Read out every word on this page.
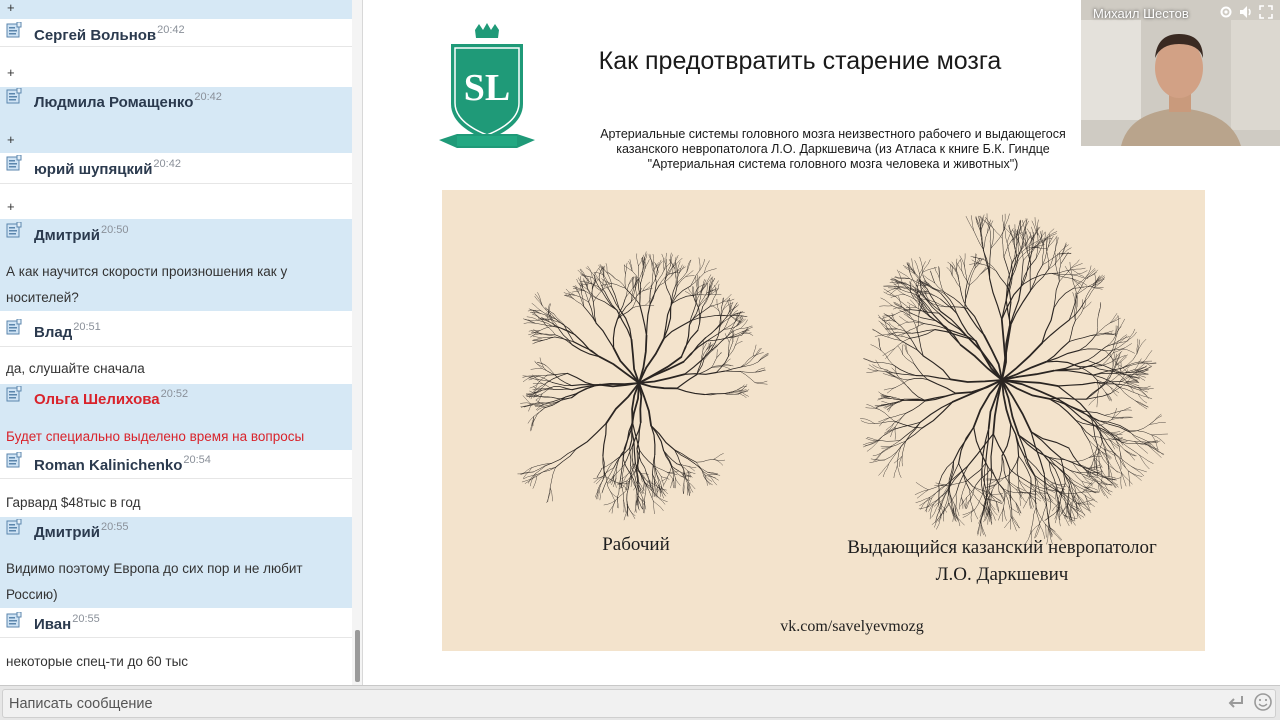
+
Сергей Вольнов$^{20:42}$
+
Людмила Ромащенко$^{20:42}$
+
юрий шупяцкий$^{20:42}$
+
Дмитрий$^{20:50}$
А как научится скорости произношения как у носителей?
Влад$^{20:51}$
да, слушайте сначала
Ольга Шелихова$^{20:52}$
Будет специально выделено время на вопросы
Roman Kalinichenko$^{20:54}$
Гарвард $48тыс в год
Дмитрий$^{20:55}$
Видимо поэтому Европа до сих пор и не любит Россию)
Иван$^{20:55}$
некоторые спец-ти до 60 тыс
SL
Как предотвратить старение мозга
Артериальные системы головного мозга неизвестного рабочего и выдающегося казанского невропатолога Л.О. Даркшевича (из Атласа к книге Б.К. Гиндце "Артериальная система головного мозга человека и животных")
Рабочий	Выдающийся казанский невропатолог
Л.О. Даркшевич
vk.com/savelyevmozg
Михаил Шестов
Написать сообщение
